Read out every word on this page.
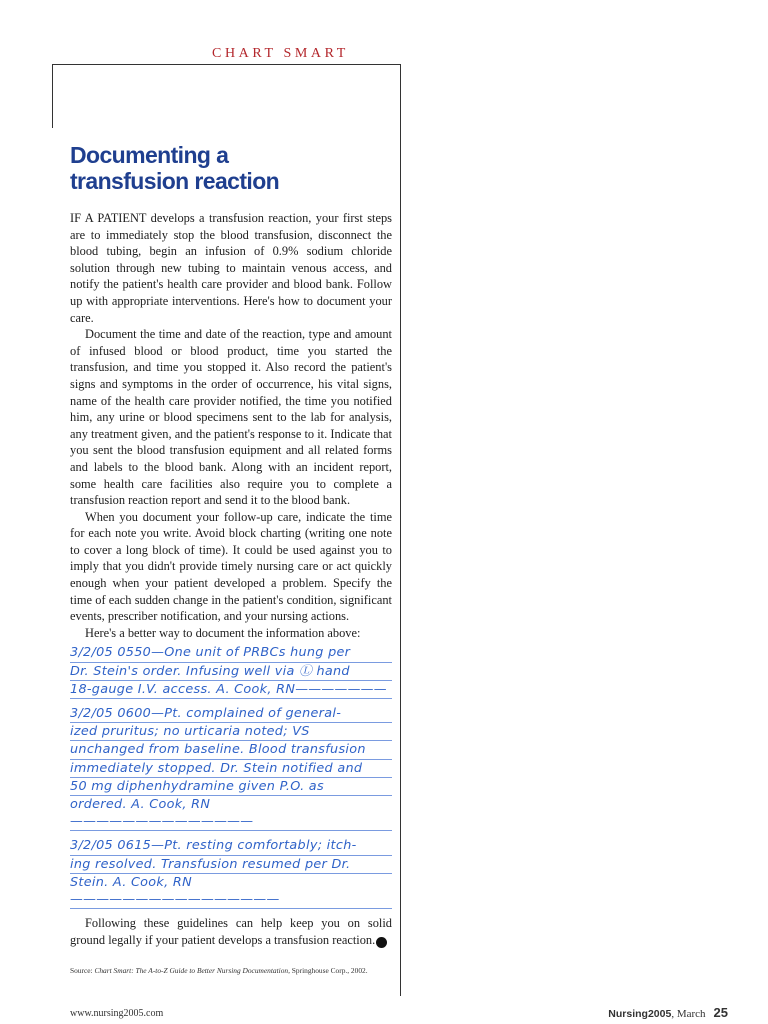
CHART SMART
Documenting a
transfusion reaction

IF A PATIENT develops a transfusion reaction, your first steps are to immediately stop the blood transfusion, disconnect the blood tubing, begin an infusion of 0.9% sodium chloride solution through new tubing to maintain venous access, and notify the patient's health care provider and blood bank. Follow up with appropriate interventions. Here's how to document your care.

Document the time and date of the reaction, type and amount of infused blood or blood product, time you started the transfusion, and time you stopped it. Also record the patient's signs and symptoms in the order of occurrence, his vital signs, name of the health care provider notified, the time you notified him, any urine or blood specimens sent to the lab for analysis, any treatment given, and the patient's response to it. Indicate that you sent the blood transfusion equipment and all related forms and labels to the blood bank. Along with an incident report, some health care facilities also require you to complete a transfusion reaction report and send it to the blood bank.

When you document your follow-up care, indicate the time for each note you write. Avoid block charting (writing one note to cover a long block of time). It could be used against you to imply that you didn't provide timely nursing care or act quickly enough when your patient developed a problem. Specify the time of each sudden change in the patient's condition, significant events, prescriber notification, and your nursing actions.

Here's a better way to document the information above:

3/2/05 0550—One unit of PRBCs hung per
Dr. Stein's order. Infusing well via Ⓛ hand
18-gauge I.V. access. A. Cook, RN———————
3/2/05 0600—Pt. complained of general-
ized pruritus; no urticaria noted; VS
unchanged from baseline. Blood transfusion
immediately stopped. Dr. Stein notified and
50 mg diphenhydramine given P.O. as
ordered. A. Cook, RN——————————————
3/2/05 0615—Pt. resting comfortably; itch-
ing resolved. Transfusion resumed per Dr.
Stein. A. Cook, RN————————————————

Following these guidelines can help keep you on solid ground legally if your patient develops a transfusion reaction. N

Source: Chart Smart: The A-to-Z Guide to Better Nursing Documentation, Springhouse Corp., 2002.
www.nursing2005.com	Nursing2005, March 25
